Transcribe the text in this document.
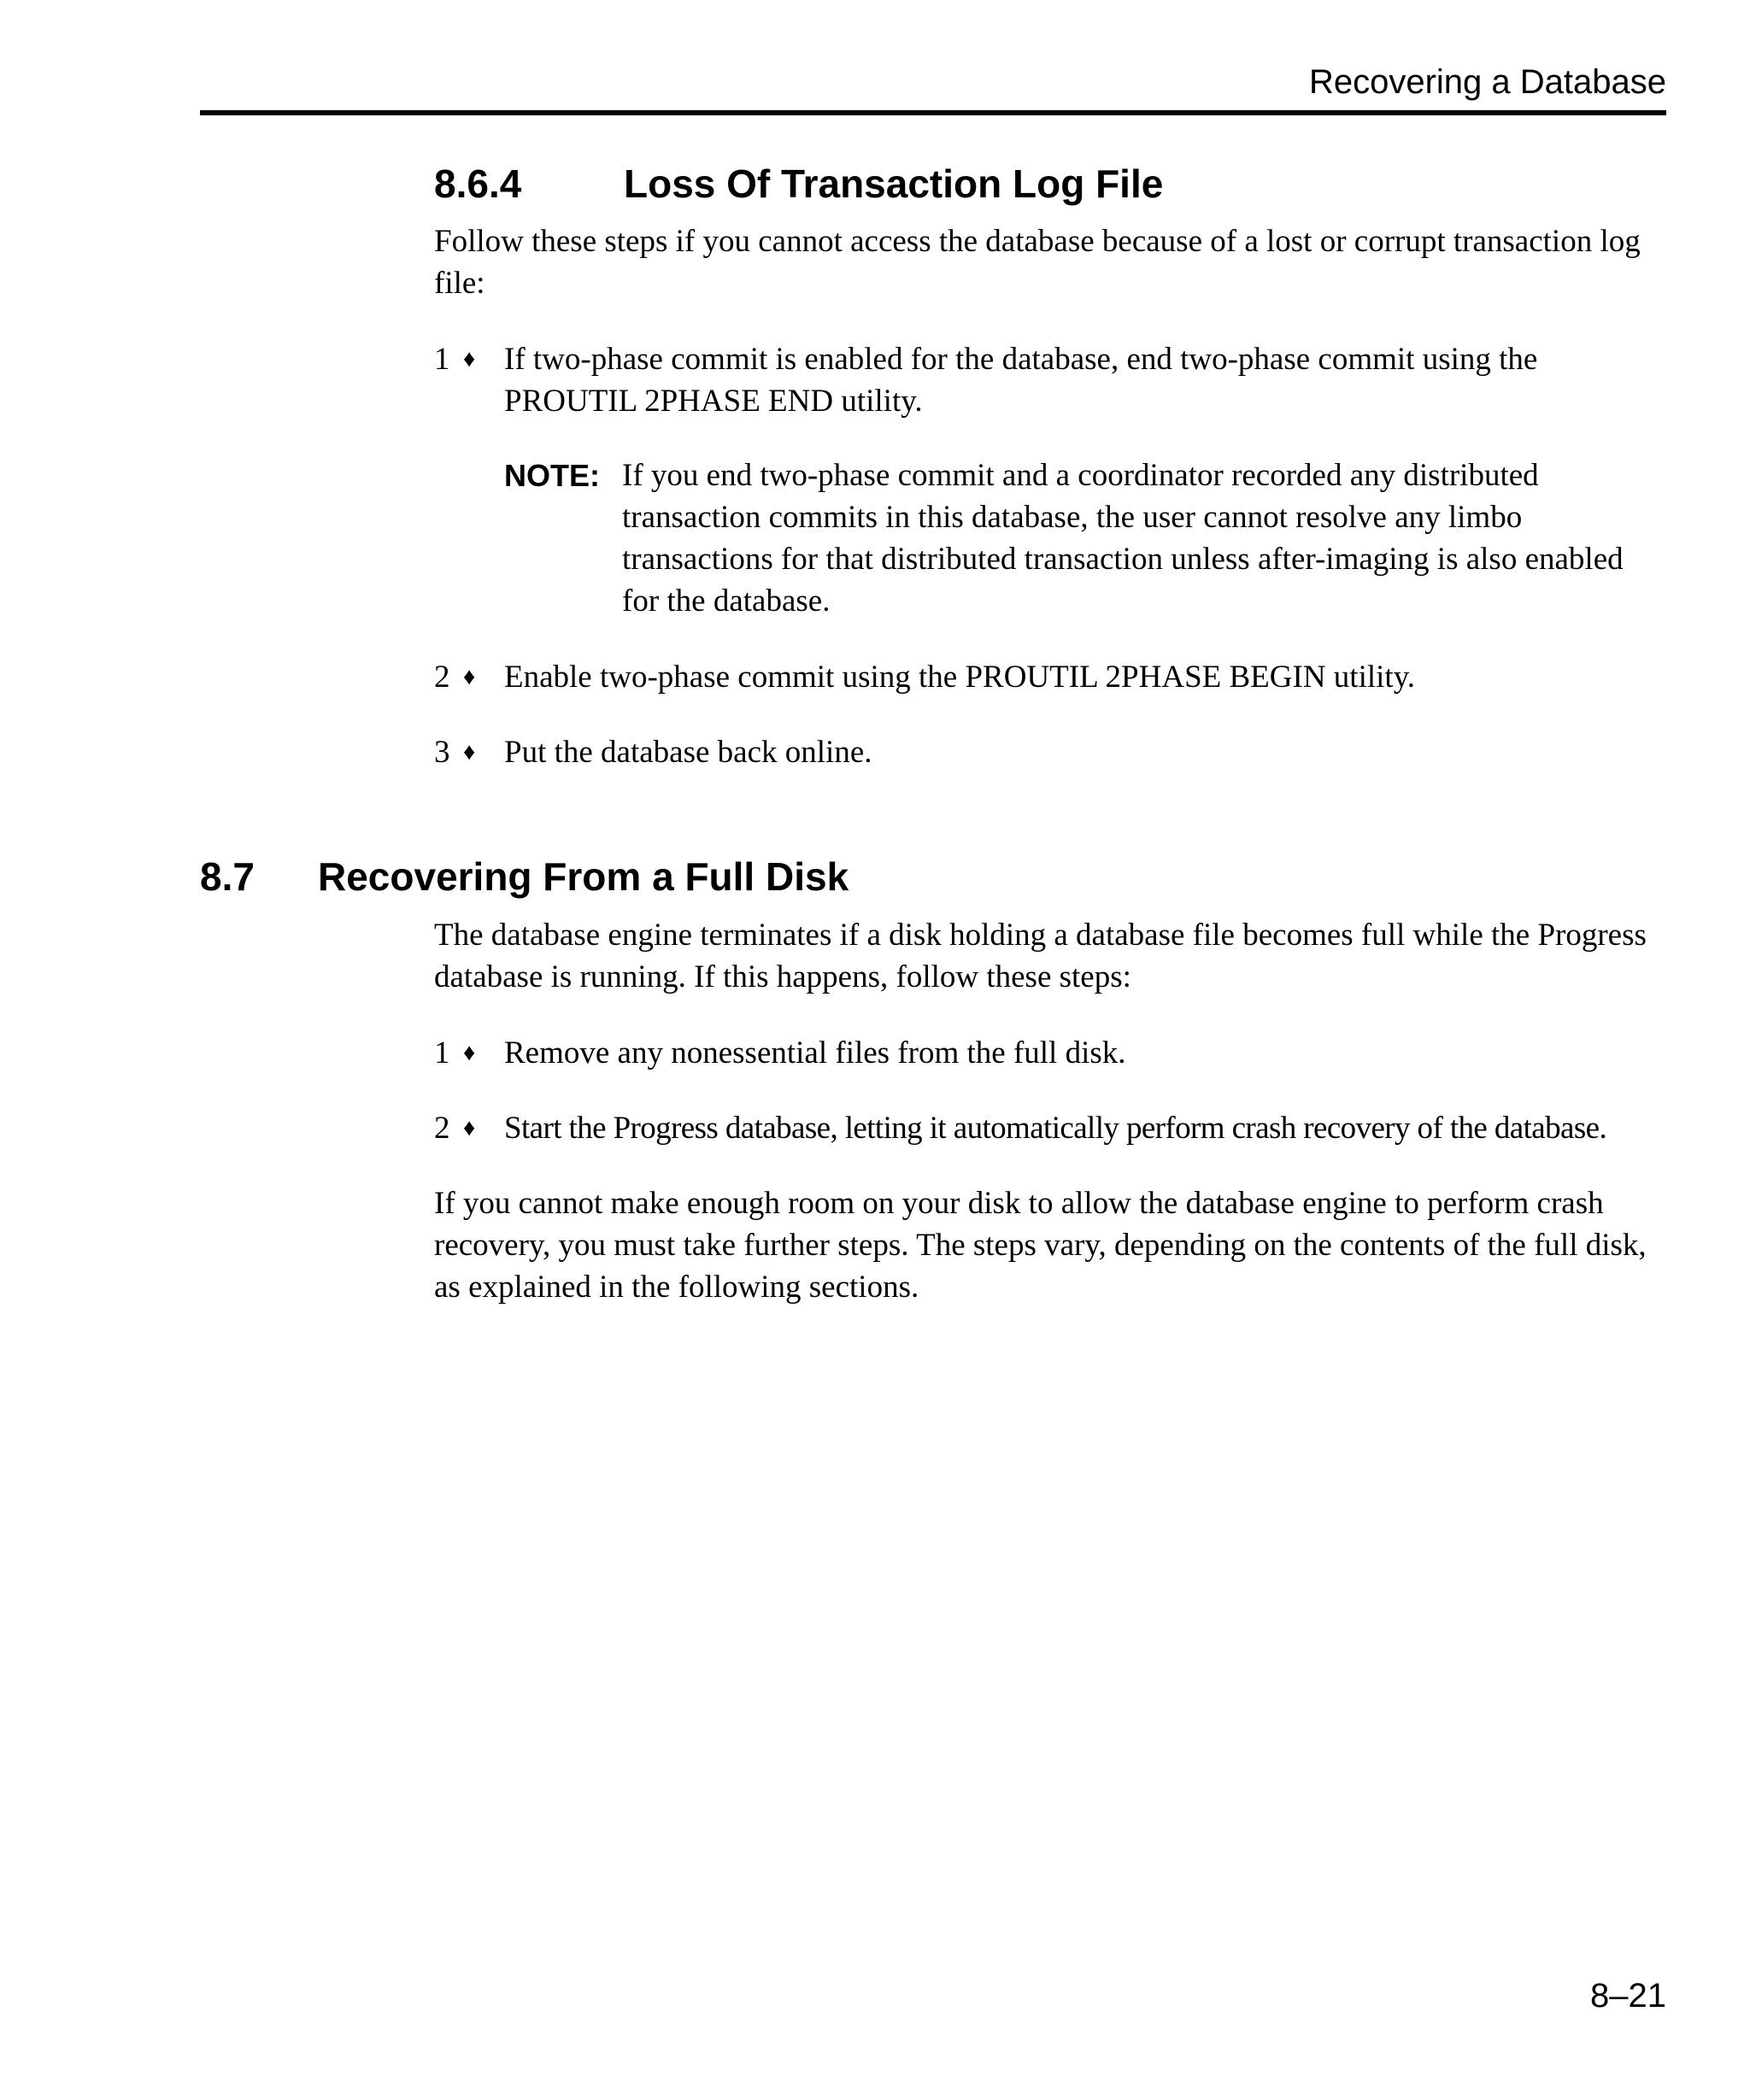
Recovering a Database
8.6.4	Loss Of Transaction Log File
Follow these steps if you cannot access the database because of a lost or corrupt transaction log file:
1 ♦ If two-phase commit is enabled for the database, end two-phase commit using the PROUTIL 2PHASE END utility.
NOTE: If you end two-phase commit and a coordinator recorded any distributed transaction commits in this database, the user cannot resolve any limbo transactions for that distributed transaction unless after-imaging is also enabled for the database.
2 ♦ Enable two-phase commit using the PROUTIL 2PHASE BEGIN utility.
3 ♦ Put the database back online.
8.7 Recovering From a Full Disk
The database engine terminates if a disk holding a database file becomes full while the Progress database is running. If this happens, follow these steps:
1 ♦ Remove any nonessential files from the full disk.
2 ♦ Start the Progress database, letting it automatically perform crash recovery of the database.
If you cannot make enough room on your disk to allow the database engine to perform crash recovery, you must take further steps. The steps vary, depending on the contents of the full disk, as explained in the following sections.
8–21
